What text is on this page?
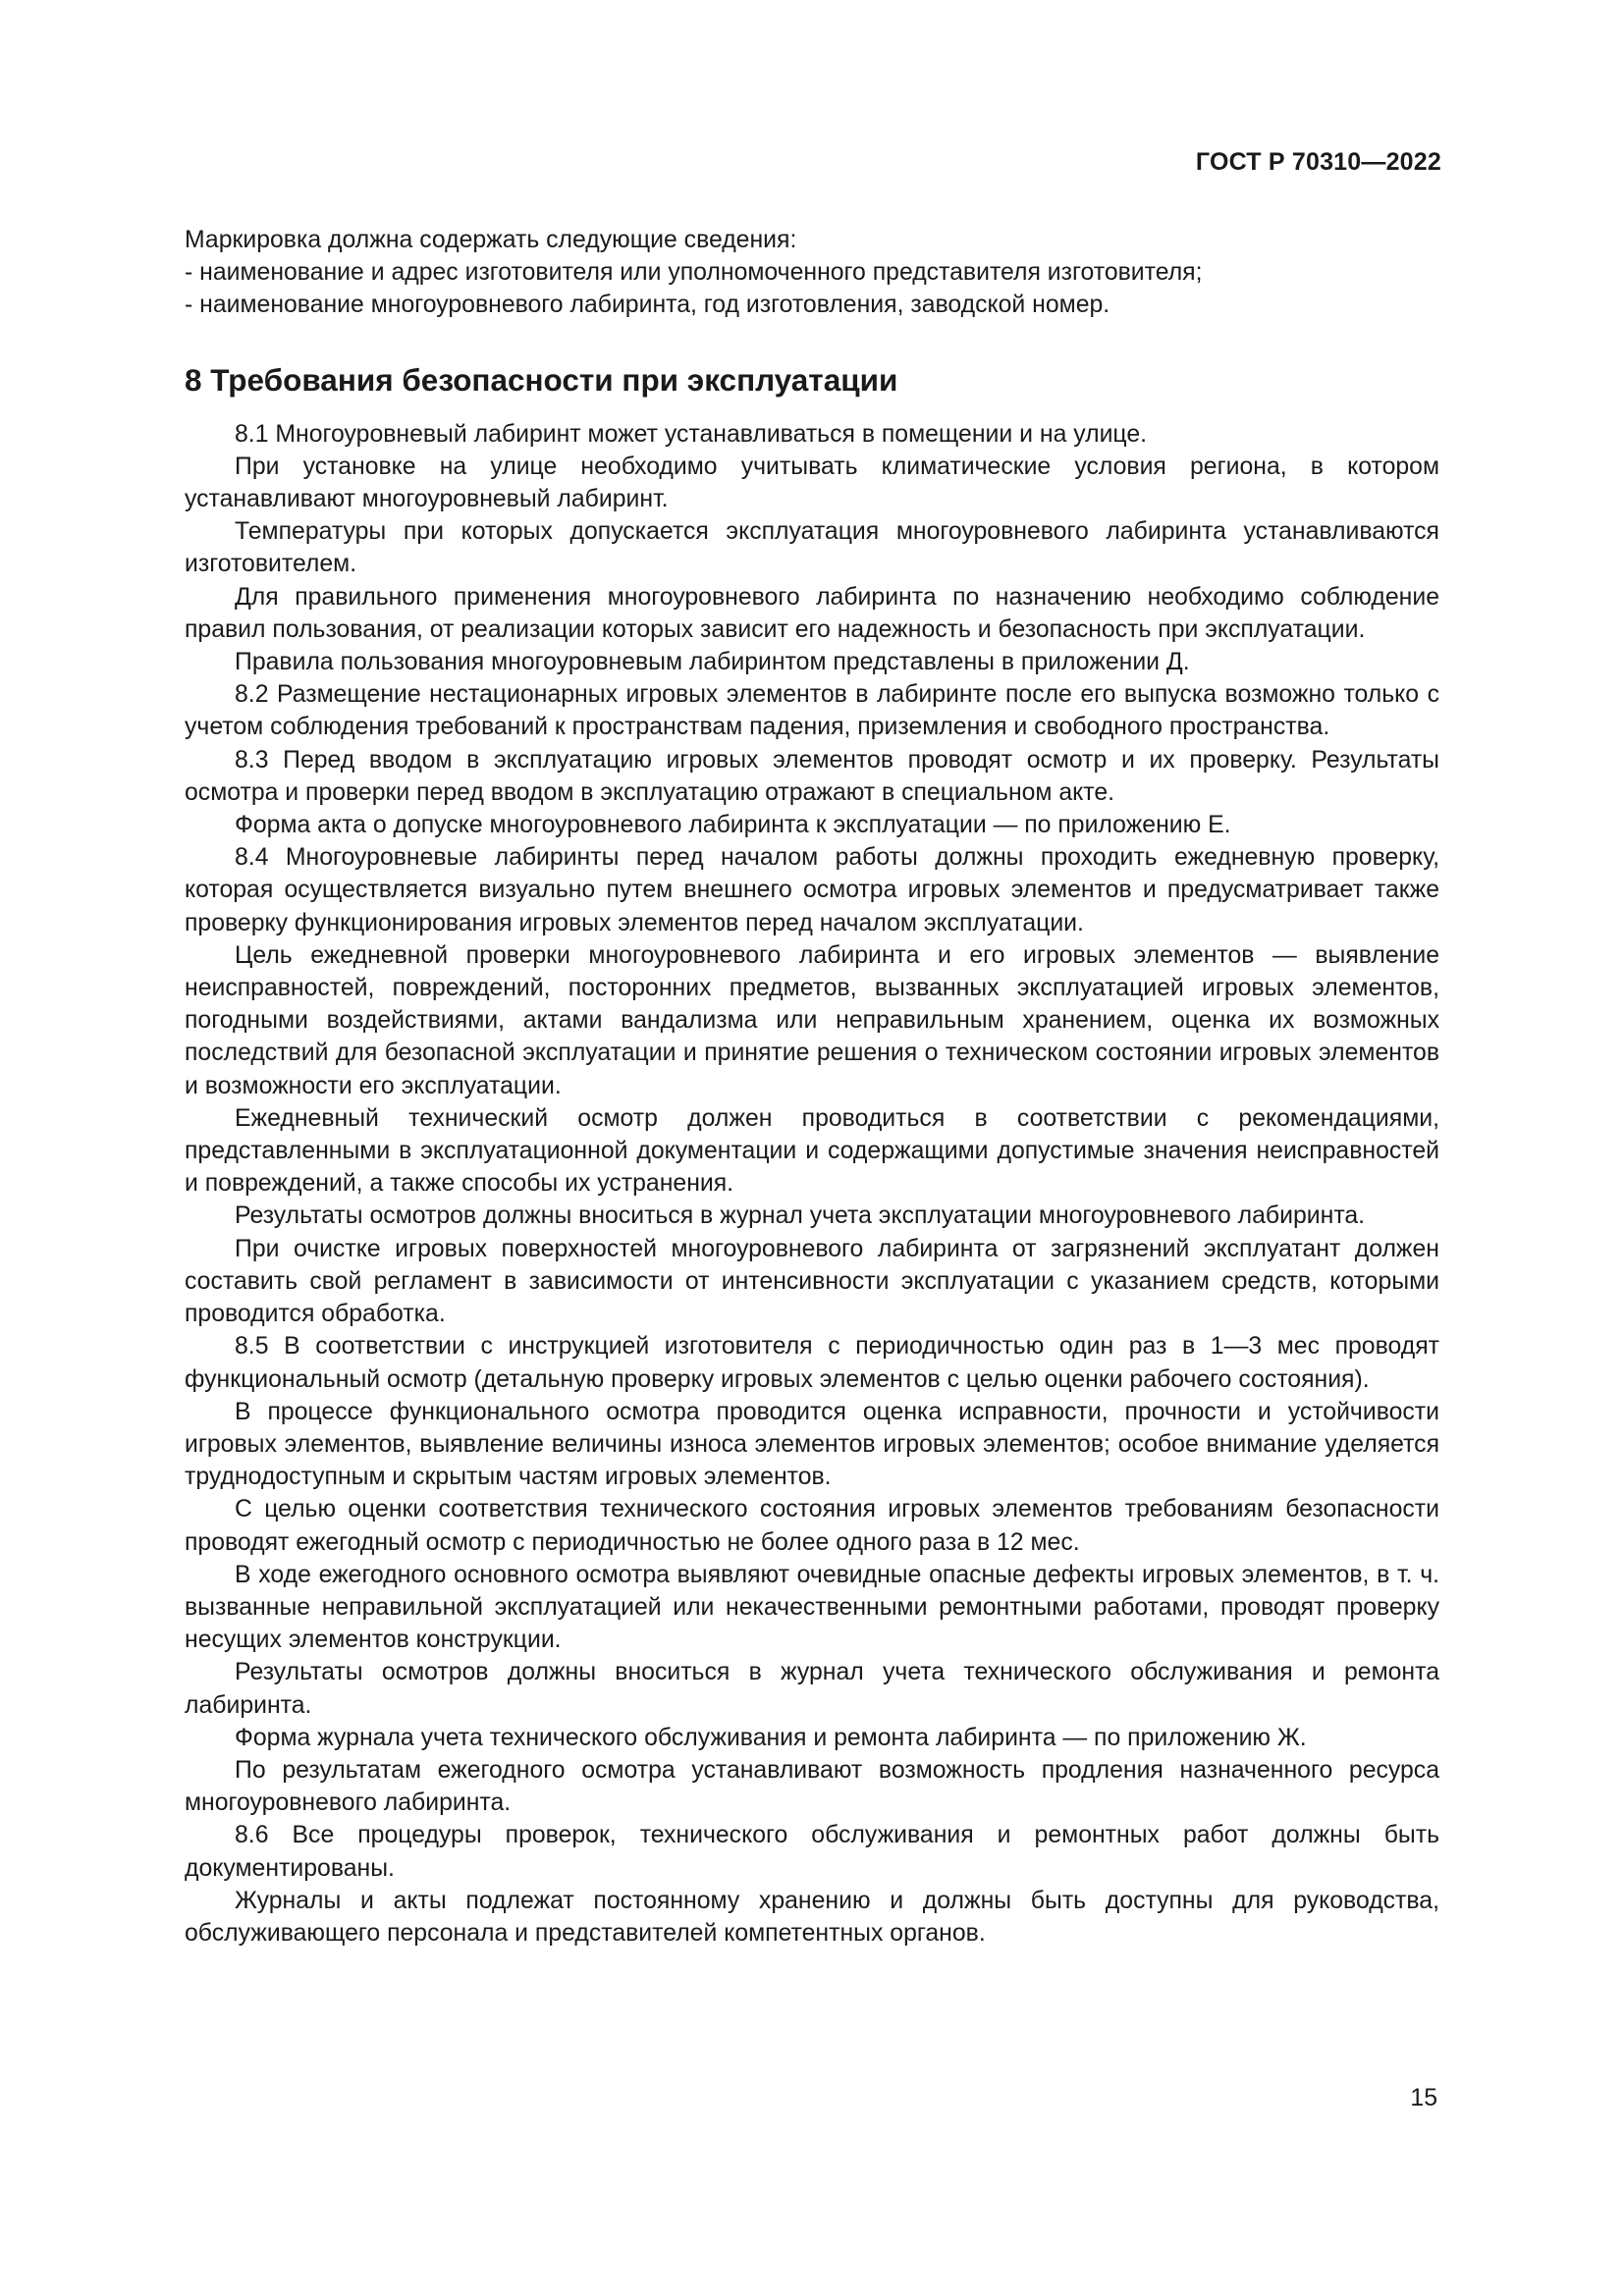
ГОСТ Р 70310—2022

Маркировка должна содержать следующие сведения:

- наименование и адрес изготовителя или уполномоченного представителя изготовителя;

- наименование многоуровневого лабиринта, год изготовления, заводской номер.

8 Требования безопасности при эксплуатации

8.1 Многоуровневый лабиринт может устанавливаться в помещении и на улице.

При установке на улице необходимо учитывать климатические условия региона, в котором устанавливают многоуровневый лабиринт.

Температуры при которых допускается эксплуатация многоуровневого лабиринта устанавливаются изготовителем.

Для правильного применения многоуровневого лабиринта по назначению необходимо соблюдение правил пользования, от реализации которых зависит его надежность и безопасность при эксплуатации.

Правила пользования многоуровневым лабиринтом представлены в приложении Д.

8.2 Размещение нестационарных игровых элементов в лабиринте после его выпуска возможно только с учетом соблюдения требований к пространствам падения, приземления и свободного пространства.

8.3 Перед вводом в эксплуатацию игровых элементов проводят осмотр и их проверку. Результаты осмотра и проверки перед вводом в эксплуатацию отражают в специальном акте.

Форма акта о допуске многоуровневого лабиринта к эксплуатации — по приложению Е.

8.4 Многоуровневые лабиринты перед началом работы должны проходить ежедневную проверку, которая осуществляется визуально путем внешнего осмотра игровых элементов и предусматривает также проверку функционирования игровых элементов перед началом эксплуатации.

Цель ежедневной проверки многоуровневого лабиринта и его игровых элементов — выявление неисправностей, повреждений, посторонних предметов, вызванных эксплуатацией игровых элементов, погодными воздействиями, актами вандализма или неправильным хранением, оценка их возможных последствий для безопасной эксплуатации и принятие решения о техническом состоянии игровых элементов и возможности его эксплуатации.

Ежедневный технический осмотр должен проводиться в соответствии с рекомендациями, представленными в эксплуатационной документации и содержащими допустимые значения неисправностей и повреждений, а также способы их устранения.

Результаты осмотров должны вноситься в журнал учета эксплуатации многоуровневого лабиринта.

При очистке игровых поверхностей многоуровневого лабиринта от загрязнений эксплуатант должен составить свой регламент в зависимости от интенсивности эксплуатации с указанием средств, которыми проводится обработка.

8.5 В соответствии с инструкцией изготовителя с периодичностью один раз в 1—3 мес проводят функциональный осмотр (детальную проверку игровых элементов с целью оценки рабочего состояния).

В процессе функционального осмотра проводится оценка исправности, прочности и устойчивости игровых элементов, выявление величины износа элементов игровых элементов; особое внимание уделяется труднодоступным и скрытым частям игровых элементов.

С целью оценки соответствия технического состояния игровых элементов требованиям безопасности проводят ежегодный осмотр с периодичностью не более одного раза в 12 мес.

В ходе ежегодного основного осмотра выявляют очевидные опасные дефекты игровых элементов, в т. ч. вызванные неправильной эксплуатацией или некачественными ремонтными работами, проводят проверку несущих элементов конструкции.

Результаты осмотров должны вноситься в журнал учета технического обслуживания и ремонта лабиринта.

Форма журнала учета технического обслуживания и ремонта лабиринта — по приложению Ж.

По результатам ежегодного осмотра устанавливают возможность продления назначенного ресурса многоуровневого лабиринта.

8.6 Все процедуры проверок, технического обслуживания и ремонтных работ должны быть документированы.

Журналы и акты подлежат постоянному хранению и должны быть доступны для руководства, обслуживающего персонала и представителей компетентных органов.

15
